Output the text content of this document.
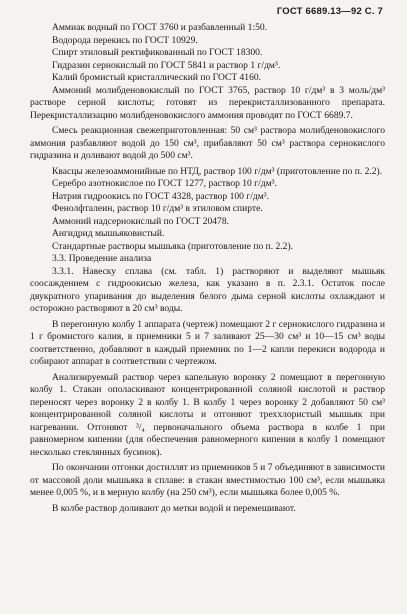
ГОСТ 6689.13—92 С. 7

Аммиак водный по ГОСТ 3760 и разбавленный 1:50.

Водорода перекись по ГОСТ 10929.

Спирт этиловый ректификованный по ГОСТ 18300.

Гидразин сернокислый по ГОСТ 5841 и раствор 1 г/дм³.

Калий бромистый кристаллический по ГОСТ 4160.

Аммоний молибденовокислый по ГОСТ 3765, раствор 10 г/дм³ в 3 моль/дм³ растворе серной кислоты; готовят из перекристаллизованного препарата. Перекристаллизацию молибденовокислого аммония проводят по ГОСТ 6689.7.

Смесь реакционная свежеприготовленная: 50 см³ раствора молибденовокислого аммония разбавляют водой до 150 см³, прибавляют 50 см³ раствора сернокислого гидразина и доливают водой до 500 см³.

Квасцы железоаммонийные по НТД, раствор 100 г/дм³ (приготовление по п. 2.2).

Серебро азотнокислое по ГОСТ 1277, раствор 10 г/дм³.

Натрия гидроокись по ГОСТ 4328, раствор 100 г/дм³.

Фенолфталеин, раствор 10 г/дм³ в этиловом спирте.

Аммоний надсернокислый по ГОСТ 20478.

Ангидрид мышьяковистый.

Стандартные растворы мышьяка (приготовление по п. 2.2).

3.3. Проведение анализа

3.3.1. Навеску сплава (см. табл. 1) растворяют и выделяют мышьяк соосаждением с гидроокисью железа, как указано в п. 2.3.1. Остаток после двукратного упаривания до выделения белого дыма серной кислоты охлаждают и осторожно растворяют в 20 см³ воды.

В перегонную колбу 1 аппарата (чертеж) помещают 2 г сернокислого гидразина и 1 г бромистого калия, в приемники 5 и 7 заливают 25—30 см³ и 10—15 см³ воды соответственно, добавляют в каждый приемник по 1—2 капли перекиси водорода и собирают аппарат в соответствии с чертежом.

Анализируемый раствор через капельную воронку 2 помещают в перегонную колбу 1. Стакан ополаскивают концентрированной соляной кислотой и раствор переносят через воронку 2 в колбу 1. В колбу 1 через воронку 2 добавляют 50 см³ концентрированной соляной кислоты и отгоняют треххлористый мышьяк при нагревании. Отгоняют ³/₄ первоначального объема раствора в колбе 1 при равномерном кипении (для обеспечения равномерного кипения в колбу 1 помещают несколько стеклянных бусинок).

По окончании отгонки достиллят из приемников 5 и 7 объединяют в зависимости от массовой доли мышьяка в сплаве: в стакан вместимостью 100 см³, если мышьяка менее 0,005 %, и в мерную колбу (на 250 см³), если мышьяка более 0,005 %.

В колбе раствор доливают до метки водой и перемешивают.
